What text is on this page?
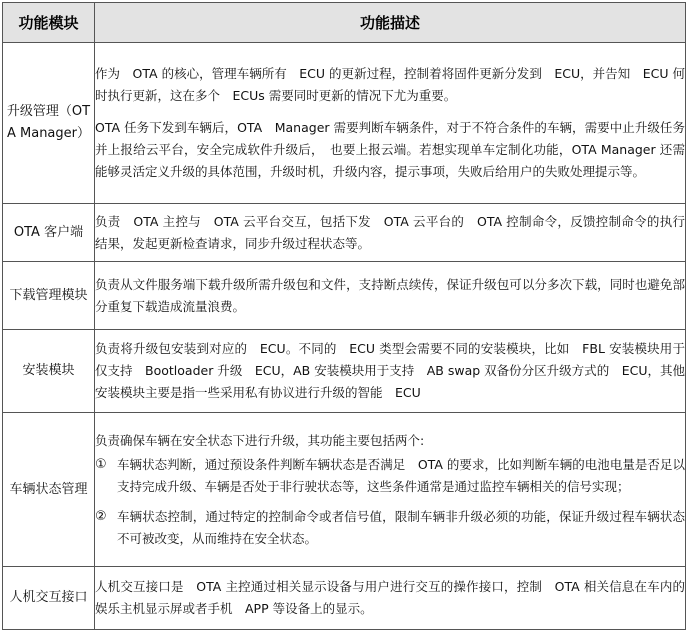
功能模块	功能描述
升级管理（OTA Manager）	作为　OTA 的核心，管理车辆所有　ECU 的更新过程，控制着将固件更新分发到　ECU，并告知　ECU 何时执行更新，这在多个　ECUs 需要同时更新的情况下尤为重要。

OTA 任务下发到车辆后，OTA　Manager 需要判断车辆条件，对于不符合条件的车辆，需要中止升级任务并上报给云平台，安全完成软件升级后，　也要上报云端。若想实现单车定制化功能，OTA Manager 还需能够灵活定义升级的具体范围，升级时机，升级内容，提示事项，失败后给用户的失败处理提示等。

OTA 客户端	负责　OTA 主控与　OTA 云平台交互，包括下发　OTA 云平台的　OTA 控制命令，反馈控制命令的执行结果，发起更新检查请求，同步升级过程状态等。

下载管理模块	负责从文件服务端下载升级所需升级包和文件，支持断点续传，保证升级包可以分多次下载，同时也避免部分重复下载造成流量浪费。

安装模块	负责将升级包安装到对应的　ECU。不同的　ECU 类型会需要不同的安装模块，比如　FBL 安装模块用于仅支持　Bootloader 升级　ECU，AB 安装模块用于支持　AB swap 双备份分区升级方式的　ECU，其他安装模块主要是指一些采用私有协议进行升级的智能　ECU

车辆状态管理	负责确保车辆在安全状态下进行升级，其功能主要包括两个:

① 车辆状态判断，通过预设条件判断车辆状态是否满足　OTA 的要求，比如判断车辆的电池电量是否足以支持完成升级、车辆是否处于非行驶状态等，这些条件通常是通过监控车辆相关的信号实现；
② 车辆状态控制，通过特定的控制命令或者信号值，限制车辆非升级必须的功能，保证升级过程车辆状态不可被改变，从而维持在安全状态。

人机交互接口	人机交互接口是　OTA 主控通过相关显示设备与用户进行交互的操作接口，控制　OTA 相关信息在车内的娱乐主机显示屏或者手机　APP 等设备上的显示。
